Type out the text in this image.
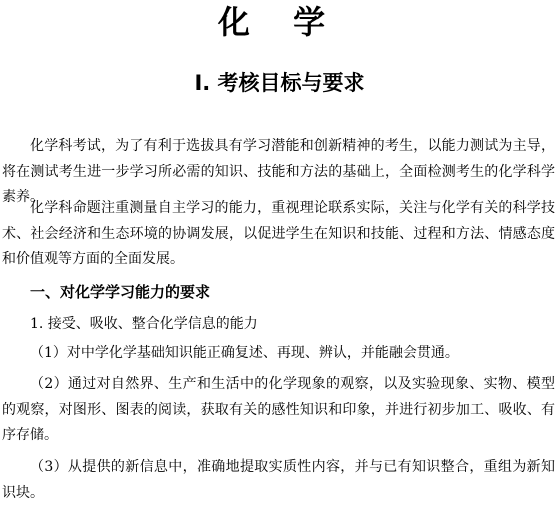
化 学
Ⅰ. 考核目标与要求
化学科考试，为了有利于选拔具有学习潜能和创新精神的考生，以能力测试为主导，将在测试考生进一步学习所必需的知识、技能和方法的基础上，全面检测考生的化学科学素养。
化学科命题注重测量自主学习的能力，重视理论联系实际，关注与化学有关的科学技术、社会经济和生态环境的协调发展，以促进学生在知识和技能、过程和方法、情感态度和价值观等方面的全面发展。
一、对化学学习能力的要求
1. 接受、吸收、整合化学信息的能力
（1）对中学化学基础知识能正确复述、再现、辨认，并能融会贯通。
（2）通过对自然界、生产和生活中的化学现象的观察，以及实验现象、实物、模型的观察，对图形、图表的阅读，获取有关的感性知识和印象，并进行初步加工、吸收、有序存储。
（3）从提供的新信息中，准确地提取实质性内容，并与已有知识整合，重组为新知识块。
